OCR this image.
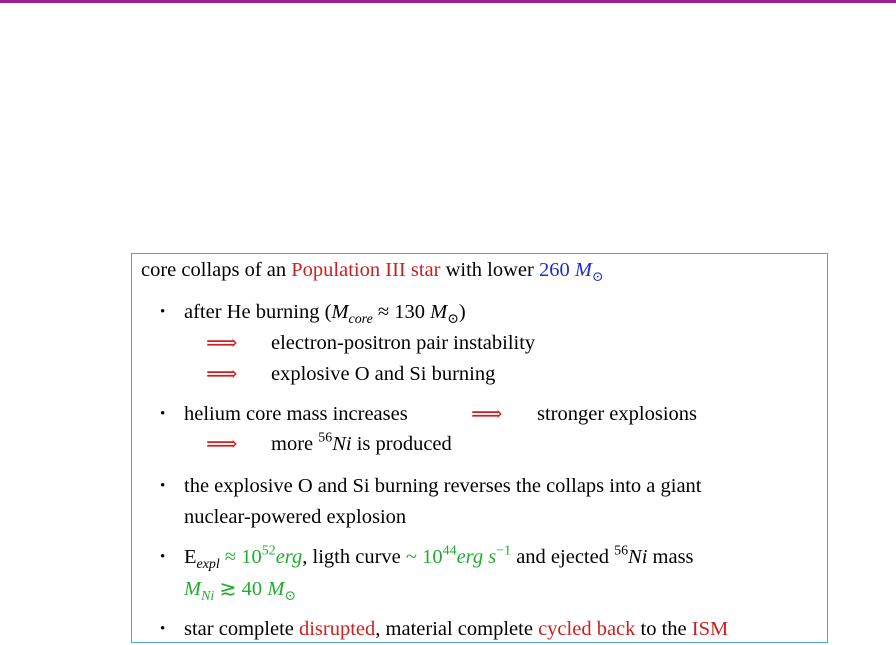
core collaps of an Population III star with lower 260 $M_⊙$
• after He burning ($M_{core} \approx 130$ $M_⊙$)
⟹ electron-positron pair instability
⟹ explosive O and Si burning
• helium core mass increases	⟹ stronger explosions
⟹ more $^{56}$Ni is produced
• the explosive O and Si burning reverses the collaps into a giant
nuclear-powered explosion
• $E_{expl} \approx 10^{52}erg$, ligth curve ~ $10^{44}erg$ $s^{-1}$ and ejected $^{56}$Ni mass
$M_{Ni}$ ≳ 40 $M_⊙$
• star complete disrupted, material complete cycled back to the ISM
